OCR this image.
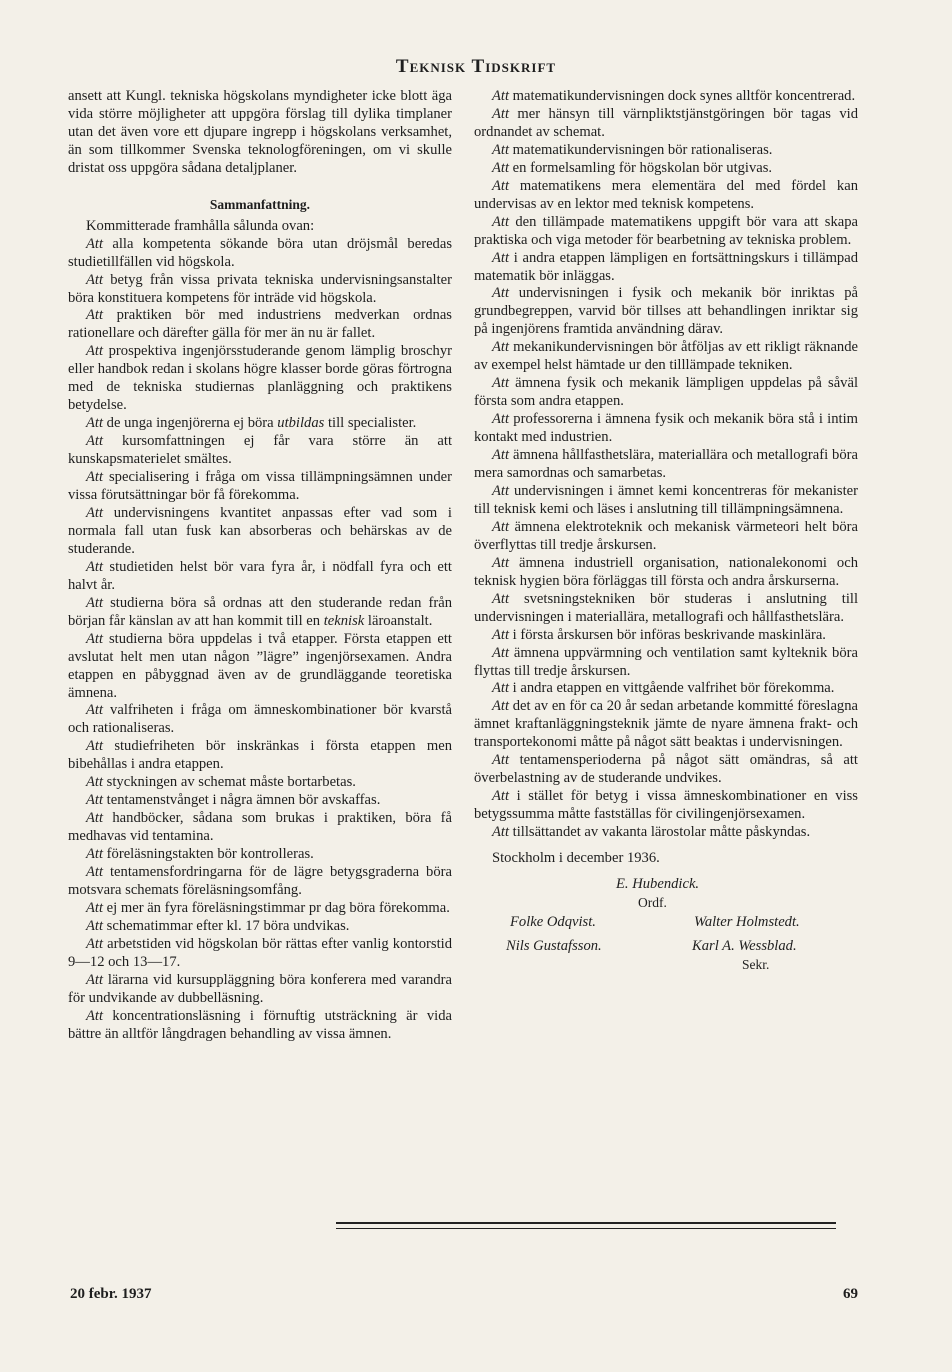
Teknisk Tidskrift

ansett att Kungl. tekniska högskolans myndigheter icke blott äga vida större möjligheter att uppgöra förslag till dylika timplaner utan det även vore ett djupare ingrepp i högskolans verksamhet, än som tillkommer Svenska teknologföreningen, om vi skulle dristat oss uppgöra sådana detaljplaner.

Sammanfattning.

Kommitterade framhålla sålunda ovan:

Att alla kompetenta sökande böra utan dröjsmål beredas studietillfällen vid högskola.

Att betyg från vissa privata tekniska undervisningsanstalter böra konstituera kompetens för inträde vid högskola.

Att praktiken bör med industriens medverkan ordnas rationellare och därefter gälla för mer än nu är fallet.

Att prospektiva ingenjörsstuderande genom lämplig broschyr eller handbok redan i skolans högre klasser borde göras förtrogna med de tekniska studiernas planläggning och praktikens betydelse.

Att de unga ingenjörerna ej böra utbildas till specialister.

Att kursomfattningen ej får vara större än att kunskapsmaterielet smältes.

Att specialisering i fråga om vissa tillämpningsämnen under vissa förutsättningar bör få förekomma.

Att undervisningens kvantitet anpassas efter vad som i normala fall utan fusk kan absorberas och behärskas av de studerande.

Att studietiden helst bör vara fyra år, i nödfall fyra och ett halvt år.

Att studierna böra så ordnas att den studerande redan från början får känslan av att han kommit till en teknisk läroanstalt.

Att studierna böra uppdelas i två etapper. Första etappen ett avslutat helt men utan någon ”lägre” ingenjörsexamen. Andra etappen en påbyggnad även av de grundläggande teoretiska ämnena.

Att valfriheten i fråga om ämneskombinationer bör kvarstå och rationaliseras.

Att studiefriheten bör inskränkas i första etappen men bibehållas i andra etappen.

Att styckningen av schemat måste bortarbetas.

Att tentamenstvånget i några ämnen bör avskaffas.

Att handböcker, sådana som brukas i praktiken, böra få medhavas vid tentamina.

Att föreläsningstakten bör kontrolleras.

Att tentamensfordringarna för de lägre betygsgraderna böra motsvara schemats föreläsningsomfång.

Att ej mer än fyra föreläsningstimmar pr dag böra förekomma.

Att schematimmar efter kl. 17 böra undvikas.

Att arbetstiden vid högskolan bör rättas efter vanlig kontorstid 9—12 och 13—17.

Att lärarna vid kursuppläggning böra konferera med varandra för undvikande av dubbelläsning.

Att koncentrationsläsning i förnuftig utsträckning är vida bättre än alltför långdragen behandling av vissa ämnen.

Att matematikundervisningen dock synes alltför koncentrerad.

Att mer hänsyn till värnpliktstjänstgöringen bör tagas vid ordnandet av schemat.

Att matematikundervisningen bör rationaliseras.

Att en formelsamling för högskolan bör utgivas.

Att matematikens mera elementära del med fördel kan undervisas av en lektor med teknisk kompetens.

Att den tillämpade matematikens uppgift bör vara att skapa praktiska och viga metoder för bearbetning av tekniska problem.

Att i andra etappen lämpligen en fortsättningskurs i tillämpad matematik bör inläggas.

Att undervisningen i fysik och mekanik bör inriktas på grundbegreppen, varvid bör tillses att behandlingen inriktar sig på ingenjörens framtida användning därav.

Att mekanikundervisningen bör åtföljas av ett rikligt räknande av exempel helst hämtade ur den tilllämpade tekniken.

Att ämnena fysik och mekanik lämpligen uppdelas på såväl första som andra etappen.

Att professorerna i ämnena fysik och mekanik böra stå i intim kontakt med industrien.

Att ämnena hållfasthetslära, materiallära och metallografi böra mera samordnas och samarbetas.

Att undervisningen i ämnet kemi koncentreras för mekanister till teknisk kemi och läses i anslutning till tillämpningsämnena.

Att ämnena elektroteknik och mekanisk värmeteori helt böra överflyttas till tredje årskursen.

Att ämnena industriell organisation, nationalekonomi och teknisk hygien böra förläggas till första och andra årskurserna.

Att svetsningstekniken bör studeras i anslutning till undervisningen i materiallära, metallografi och hållfasthetslära.

Att i första årskursen bör införas beskrivande maskinlära.

Att ämnena uppvärmning och ventilation samt kylteknik böra flyttas till tredje årskursen.

Att i andra etappen en vittgående valfrihet bör förekomma.

Att det av en för ca 20 år sedan arbetande kommitté föreslagna ämnet kraftanläggningsteknik jämte de nyare ämnena frakt- och transportekonomi måtte på något sätt beaktas i undervisningen.

Att tentamensperioderna på något sätt omändras, så att överbelastning av de studerande undvikes.

Att i stället för betyg i vissa ämneskombinationer en viss betygssumma måtte fastställas för civilingenjörsexamen.

Att tillsättandet av vakanta lärostolar måtte påskyndas.

Stockholm i december 1936.

E. Hubendick.
Ordf.
Folke Odqvist.	Walter Holmstedt.
Nils Gustafsson.	Karl A. Wessblad.
Sekr.
20 febr. 1937	69
